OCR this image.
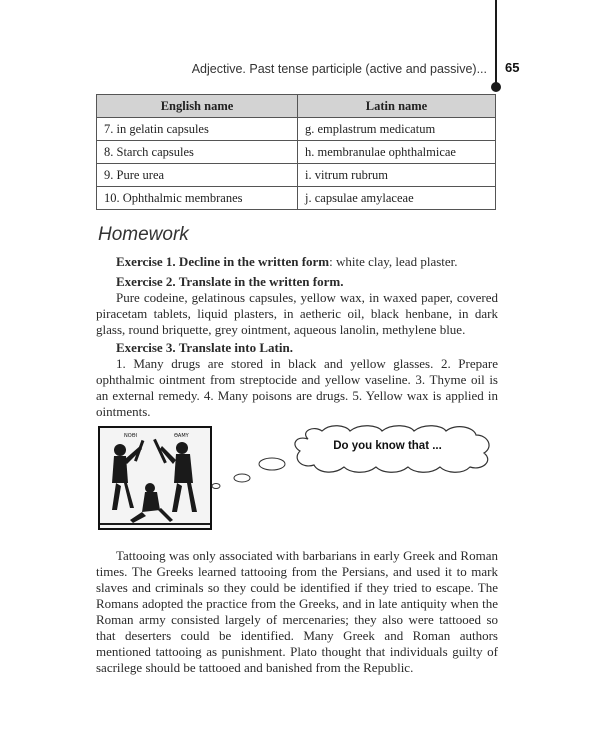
Adjective. Past tense participle (active and passive)... 65
English name	Latin name
7. in gelatin capsules	g. emplastrum medicatum
8. Starch capsules	h. membranulae ophthalmicae
9. Pure urea	i. vitrum rubrum
10. Ophthalmic membranes	j. capsulae amylaceae
Homework

Exercise 1. Decline in the written form: white clay, lead plaster.

Exercise 2. Translate in the written form.

Pure codeine, gelatinous capsules, yellow wax, in waxed paper, covered piracetam tablets, liquid plasters, in aetheric oil, black henbane, in dark glass, round briquette, grey ointment, aqueous lanolin, methylene blue.

Exercise 3. Translate into Latin.

1. Many drugs are stored in black and yellow glasses. 2. Prepare ophthalmic ointment from streptocide and yellow vaseline. 3. Thyme oil is an external remedy. 4. Many poisons are drugs. 5. Yellow wax is applied in ointments.

ΝΟΘΙ	ΘΑΜΥ
Do you know that ...

Tattooing was only associated with barbarians in early Greek and Roman times. The Greeks learned tattooing from the Persians, and used it to mark slaves and criminals so they could be identified if they tried to escape. The Romans adopted the practice from the Greeks, and in late antiquity when the Roman army consisted largely of mercenaries; they also were tattooed so that deserters could be identified. Many Greek and Roman authors mentioned tattooing as punishment. Plato thought that individuals guilty of sacrilege should be tattooed and banished from the Republic.
